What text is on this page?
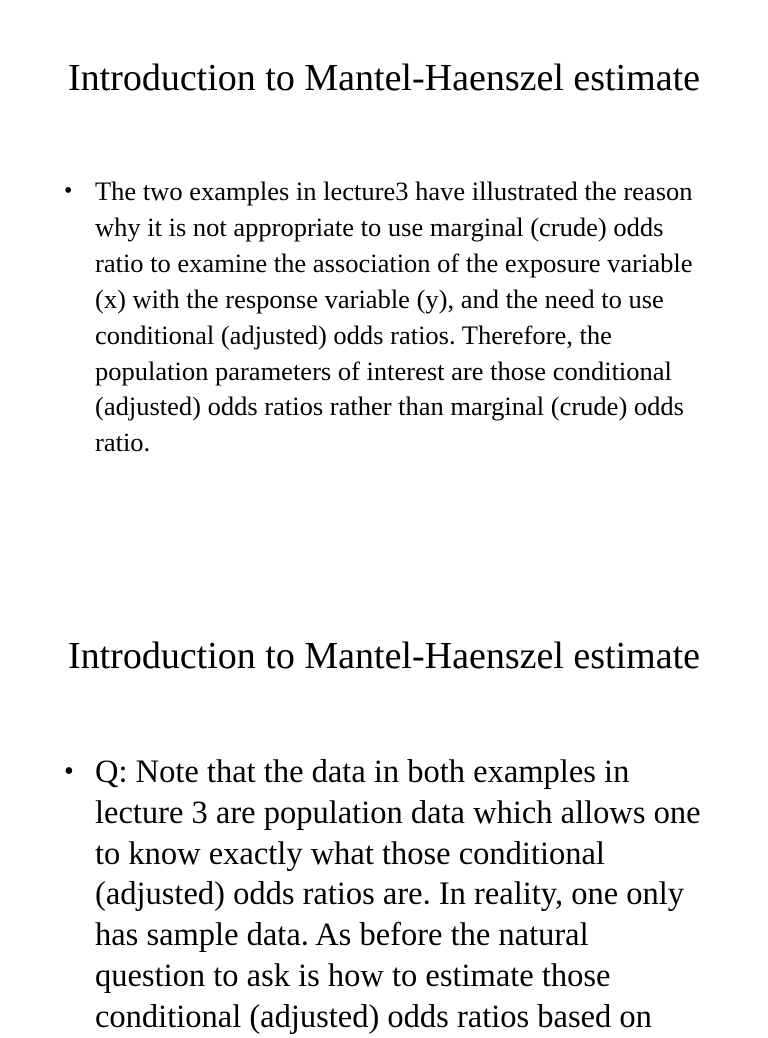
Introduction to Mantel-Haenszel estimate
• The two examples in lecture3 have illustrated the reason why it is not appropriate to use marginal (crude) odds ratio to examine the association of the exposure variable (x) with the response variable (y), and the need to use conditional (adjusted) odds ratios. Therefore, the population parameters of interest are those conditional (adjusted) odds ratios rather than marginal (crude) odds ratio.
Introduction to Mantel-Haenszel estimate
• Q: Note that the data in both examples in lecture 3 are population data which allows one to know exactly what those conditional (adjusted) odds ratios are. In reality, one only has sample data. As before the natural question to ask is how to estimate those conditional (adjusted) odds ratios based on
